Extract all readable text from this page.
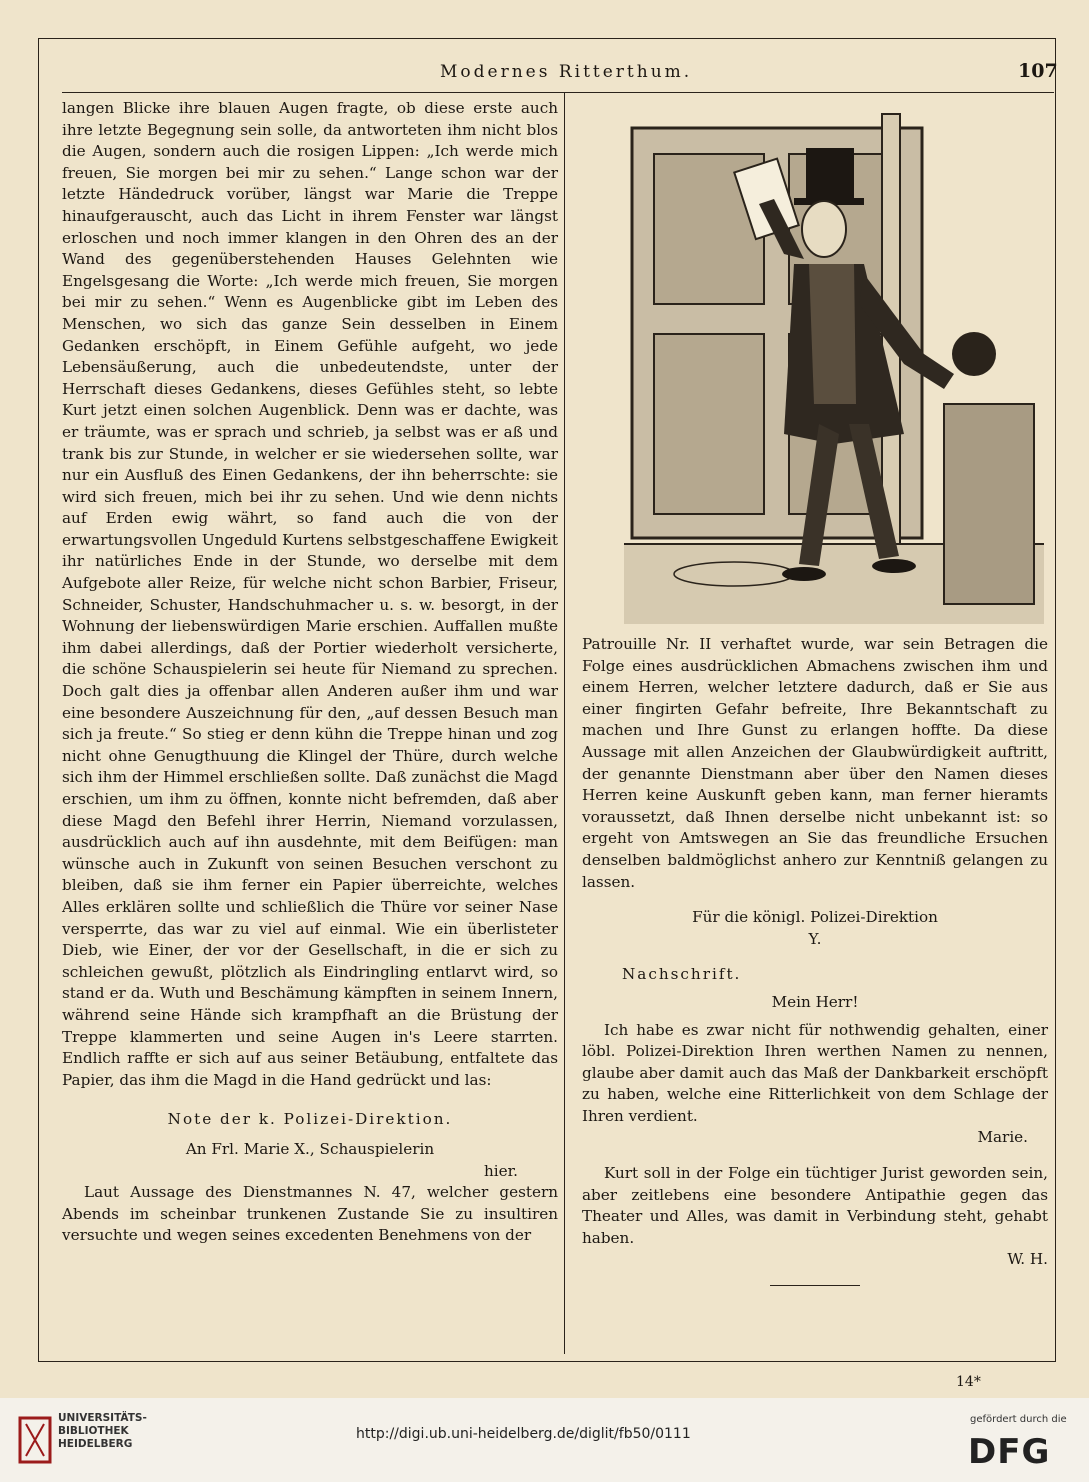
Modernes Ritterthum.	107

langen Blicke ihre blauen Augen fragte, ob diese erste auch ihre letzte Begegnung sein solle, da antworteten ihm nicht blos die Augen, sondern auch die rosigen Lippen: „Ich werde mich freuen, Sie morgen bei mir zu sehen.“ Lange schon war der letzte Händedruck vorüber, längst war Marie die Treppe hinaufgerauscht, auch das Licht in ihrem Fenster war längst erloschen und noch immer klangen in den Ohren des an der Wand des gegenüberstehenden Hauses Gelehnten wie Engelsgesang die Worte: „Ich werde mich freuen, Sie morgen bei mir zu sehen.“ Wenn es Augenblicke gibt im Leben des Menschen, wo sich das ganze Sein desselben in Einem Gedanken erschöpft, in Einem Gefühle aufgeht, wo jede Lebensäußerung, auch die unbedeutendste, unter der Herrschaft dieses Gedankens, dieses Gefühles steht, so lebte Kurt jetzt einen solchen Augenblick. Denn was er dachte, was er träumte, was er sprach und schrieb, ja selbst was er aß und trank bis zur Stunde, in welcher er sie wiedersehen sollte, war nur ein Ausfluß des Einen Gedankens, der ihn beherrschte: sie wird sich freuen, mich bei ihr zu sehen. Und wie denn nichts auf Erden ewig währt, so fand auch die von der erwartungsvollen Ungeduld Kurtens selbstgeschaffene Ewigkeit ihr natürliches Ende in der Stunde, wo derselbe mit dem Aufgebote aller Reize, für welche nicht schon Barbier, Friseur, Schneider, Schuster, Handschuhmacher u. s. w. besorgt, in der Wohnung der liebenswürdigen Marie erschien. Auffallen mußte ihm dabei allerdings, daß der Portier wiederholt versicherte, die schöne Schauspielerin sei heute für Niemand zu sprechen. Doch galt dies ja offenbar allen Anderen außer ihm und war eine besondere Auszeichnung für den, „auf dessen Besuch man sich ja freute.“ So stieg er denn kühn die Treppe hinan und zog nicht ohne Genugthuung die Klingel der Thüre, durch welche sich ihm der Himmel erschließen sollte. Daß zunächst die Magd erschien, um ihm zu öffnen, konnte nicht befremden, daß aber diese Magd den Befehl ihrer Herrin, Niemand vorzulassen, ausdrücklich auch auf ihn ausdehnte, mit dem Beifügen: man wünsche auch in Zukunft von seinen Besuchen verschont zu bleiben, daß sie ihm ferner ein Papier überreichte, welches Alles erklären sollte und schließlich die Thüre vor seiner Nase versperrte, das war zu viel auf einmal. Wie ein überlisteter Dieb, wie Einer, der vor der Gesellschaft, in die er sich zu schleichen gewußt, plötzlich als Eindringling entlarvt wird, so stand er da. Wuth und Beschämung kämpften in seinem Innern, während seine Hände sich krampfhaft an die Brüstung der Treppe klammerten und seine Augen in's Leere starrten. Endlich raffte er sich auf aus seiner Betäubung, entfaltete das Papier, das ihm die Magd in die Hand gedrückt und las:

Note der k. Polizei-Direktion.

An Frl. Marie X., Schauspielerin

hier.

Laut Aussage des Dienstmannes N. 47, welcher gestern Abends im scheinbar trunkenen Zustande Sie zu insultiren versuchte und wegen seines excedenten Benehmens von der

Patrouille Nr. II verhaftet wurde, war sein Betragen die Folge eines ausdrücklichen Abmachens zwischen ihm und einem Herren, welcher letztere dadurch, daß er Sie aus einer fingirten Gefahr befreite, Ihre Bekanntschaft zu machen und Ihre Gunst zu erlangen hoffte. Da diese Aussage mit allen Anzeichen der Glaubwürdigkeit auftritt, der genannte Dienstmann aber über den Namen dieses Herren keine Auskunft geben kann, man ferner hieramts voraussetzt, daß Ihnen derselbe nicht unbekannt ist: so ergeht von Amtswegen an Sie das freundliche Ersuchen denselben baldmöglichst anhero zur Kenntniß gelangen zu lassen.

Für die königl. Polizei-Direktion

Y.

Nachschrift.

Mein Herr!

Ich habe es zwar nicht für nothwendig gehalten, einer löbl. Polizei-Direktion Ihren werthen Namen zu nennen, glaube aber damit auch das Maß der Dankbarkeit erschöpft zu haben, welche eine Ritterlichkeit von dem Schlage der Ihren verdient.

Marie.

Kurt soll in der Folge ein tüchtiger Jurist geworden sein, aber zeitlebens eine besondere Antipathie gegen das Theater und Alles, was damit in Verbindung steht, gehabt haben.

W. H.

14*
UNIVERSITÄTS-
BIBLIOTHEK
HEIDELBERG
http://digi.ub.uni-heidelberg.de/diglit/fb50/0111
gefördert durch die
DFG
